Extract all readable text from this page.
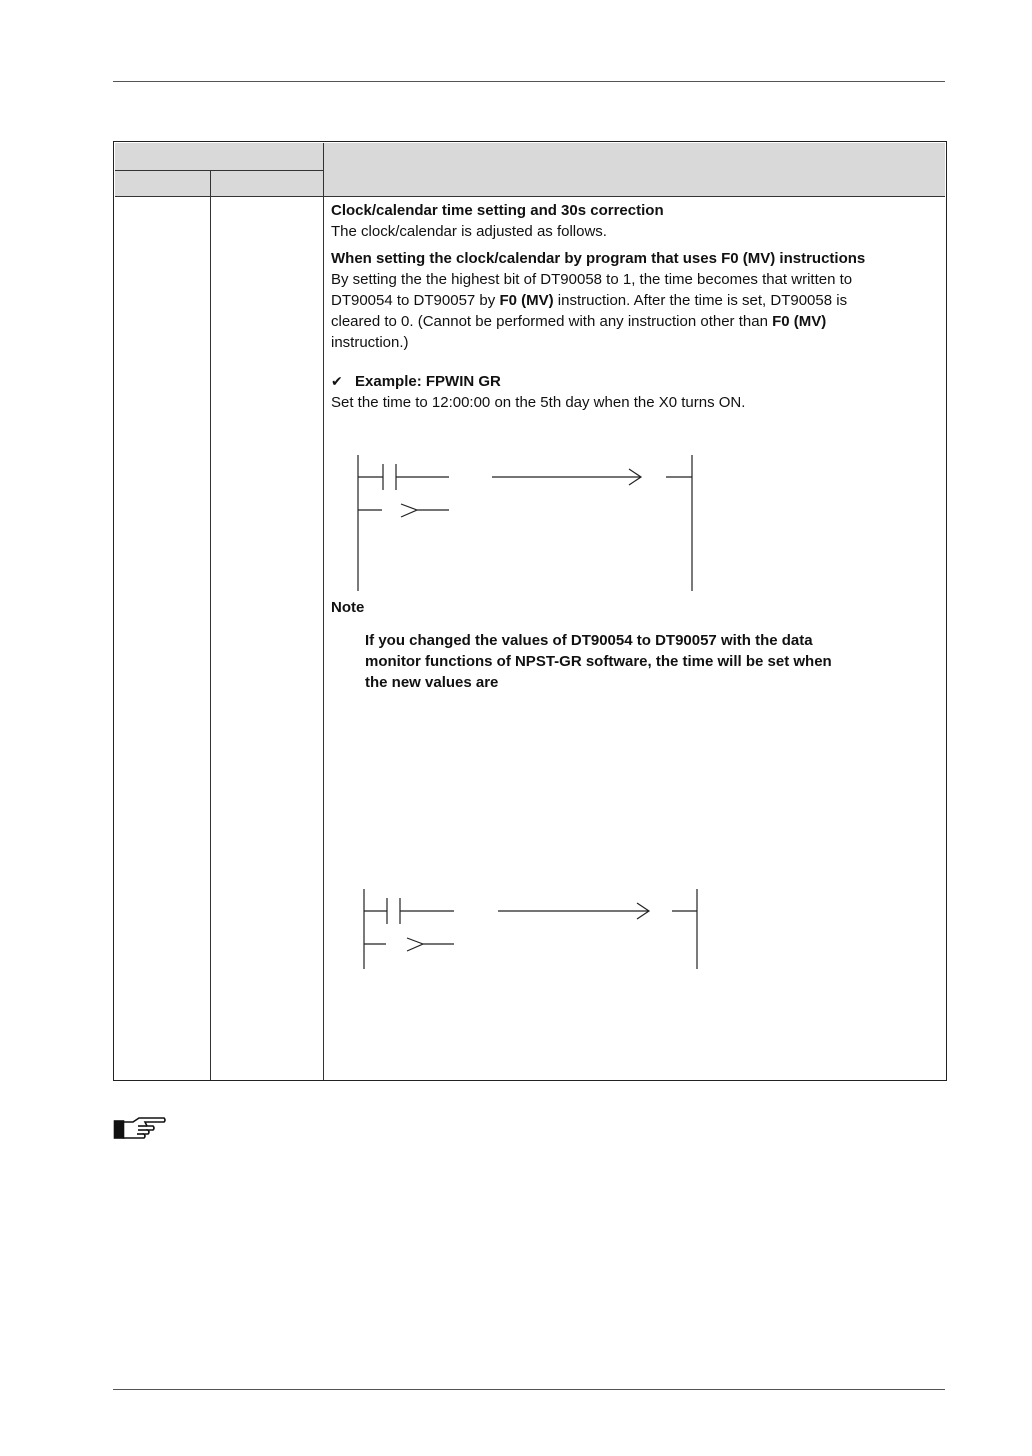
Clock/calendar time setting and 30s correction

The clock/calendar is adjusted as follows.

When setting the clock/calendar by program that uses F0 (MV) instructions

By setting the the highest bit of DT90058 to 1, the time becomes that written to DT90054 to DT90057 by F0 (MV) instruction. After the time is set, DT90058 is cleared to 0. (Cannot be performed with any instruction other than F0 (MV) instruction.)

✔ Example:
FPWIN GR

Set the time to 12:00:00 on the 5th day when the X0 turns ON.

Note
If you changed the values of DT90054 to DT90057 with the data monitor functions of NPST-GR software, the time will be set when the new values are
